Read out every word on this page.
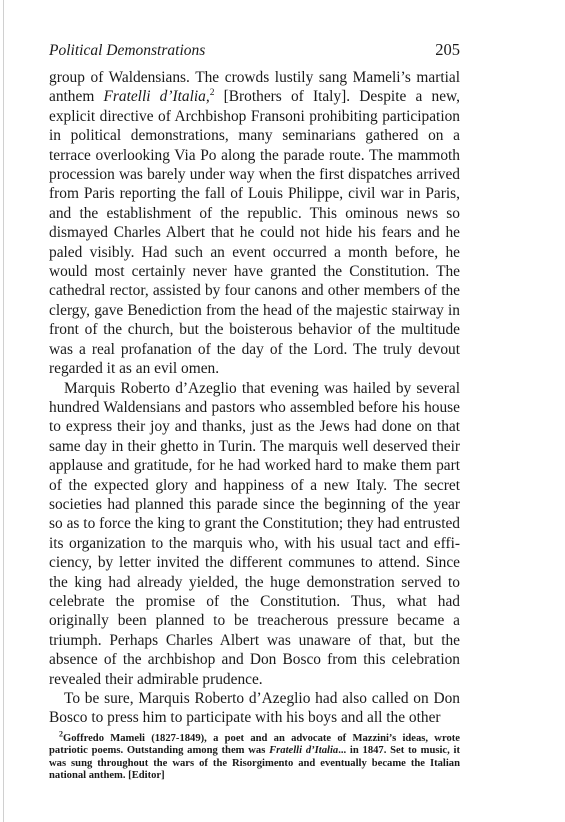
Political Demonstrations	205

group of Waldensians. The crowds lustily sang Mameli’s martial anthem Fratelli d’Italia,$^2$ [Brothers of Italy]. Despite a new, explicit directive of Archbishop Fransoni prohibiting participation in political demonstrations, many seminarians gathered on a terrace overlooking Via Po along the parade route. The mammoth procession was barely under way when the first dispatches arrived from Paris reporting the fall of Louis Philippe, civil war in Paris, and the establishment of the republic. This ominous news so dismayed Charles Albert that he could not hide his fears and he paled visibly. Had such an event occurred a month before, he would most certainly never have granted the Constitution. The cathedral rector, assisted by four canons and other members of the clergy, gave Benediction from the head of the majestic stairway in front of the church, but the boisterous behavior of the multitude was a real profanation of the day of the Lord. The truly devout regarded it as an evil omen.

Marquis Roberto d’Azeglio that evening was hailed by several hundred Waldensians and pastors who assembled before his house to express their joy and thanks, just as the Jews had done on that same day in their ghetto in Turin. The marquis well deserved their applause and gratitude, for he had worked hard to make them part of the expected glory and happiness of a new Italy. The secret societies had planned this parade since the beginning of the year so as to force the king to grant the Constitution; they had entrusted its organization to the marquis who, with his usual tact and efficiency, by letter invited the different communes to attend. Since the king had already yielded, the huge demonstration served to celebrate the promise of the Constitution. Thus, what had originally been planned to be treacherous pressure became a triumph. Perhaps Charles Albert was unaware of that, but the absence of the archbishop and Don Bosco from this celebration revealed their admirable prudence.

To be sure, Marquis Roberto d’Azeglio had also called on Don Bosco to press him to participate with his boys and all the other

$^2$Goffredo Mameli (1827-1849), a poet and an advocate of Mazzini’s ideas, wrote patriotic poems. Outstanding among them was Fratelli d’Italia... in 1847. Set to music, it was sung throughout the wars of the Risorgimento and eventually became the Italian national anthem. [Editor]
